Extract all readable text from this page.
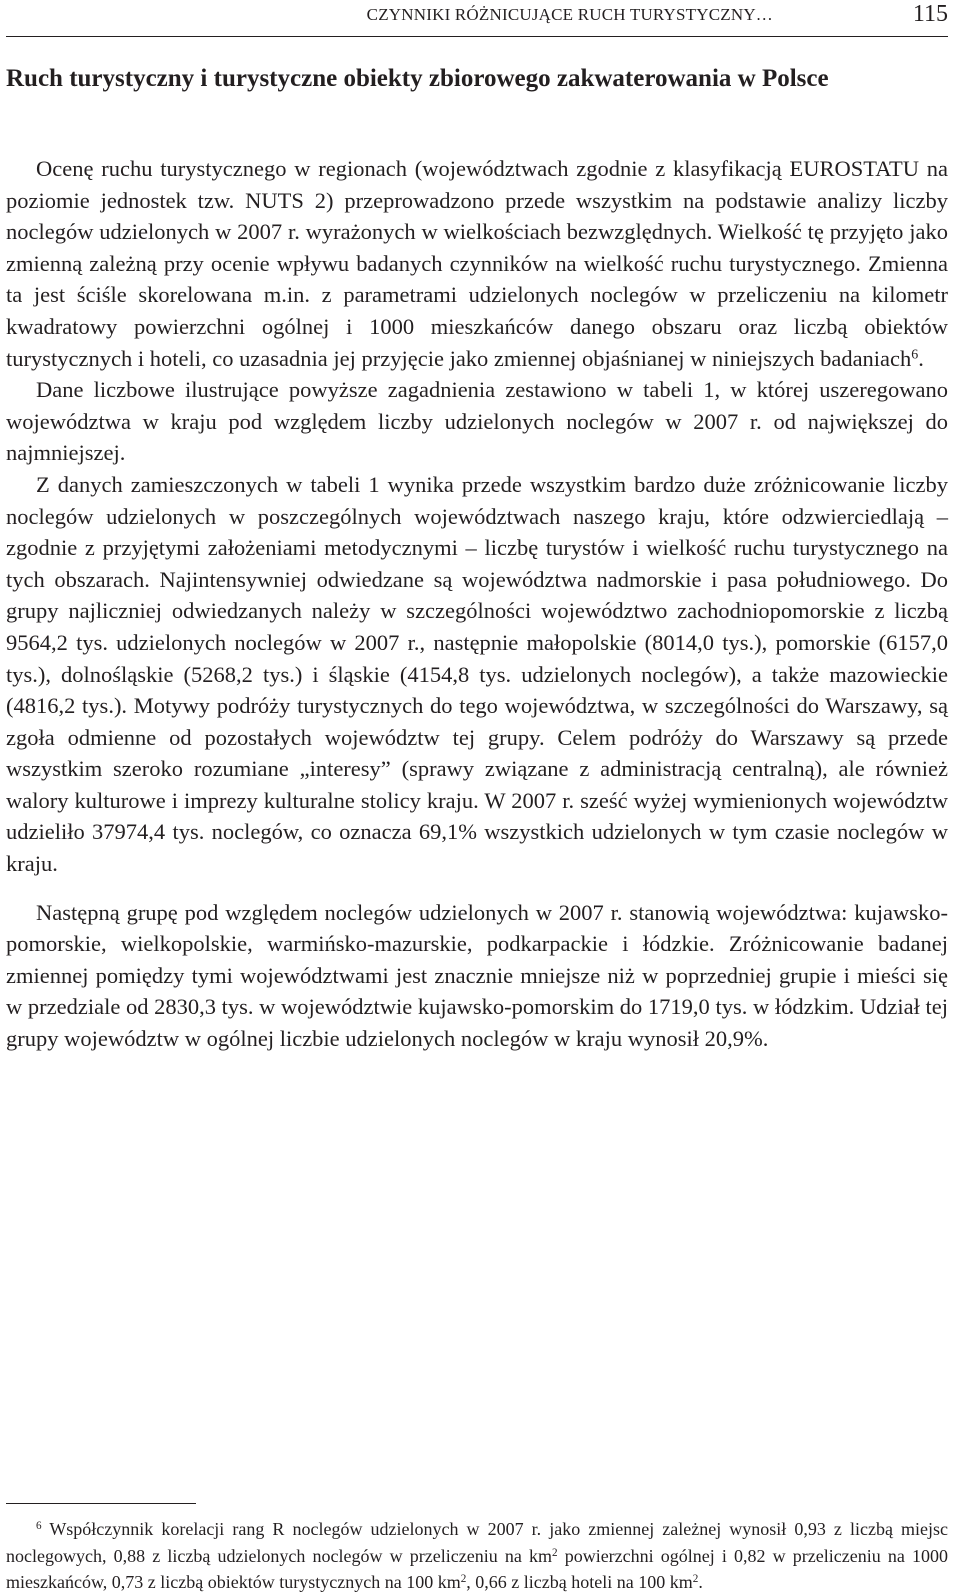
CZYNNIKI RÓŻNICUJĄCE RUCH TURYSTYCZNY…	115
Ruch turystyczny i turystyczne obiekty zbiorowego zakwaterowania w Polsce

Ocenę ruchu turystycznego w regionach (województwach zgodnie z klasyfikacją EUROSTATU na poziomie jednostek tzw. NUTS 2) przeprowadzono przede wszystkim na podstawie analizy liczby noclegów udzielonych w 2007 r. wyrażonych w wielkościach bezwzględnych. Wielkość tę przyjęto jako zmienną zależną przy ocenie wpływu badanych czynników na wielkość ruchu turystycznego. Zmienna ta jest ściśle skorelowana m.in. z parametrami udzielonych noclegów w przeliczeniu na kilometr kwadratowy powierzchni ogólnej i 1000 mieszkańców danego obszaru oraz liczbą obiektów turystycznych i hoteli, co uzasadnia jej przyjęcie jako zmiennej objaśnianej w niniejszych badaniach$^6$.

Dane liczbowe ilustrujące powyższe zagadnienia zestawiono w tabeli 1, w której uszeregowano województwa w kraju pod względem liczby udzielonych noclegów w 2007 r. od największej do najmniejszej.

Z danych zamieszczonych w tabeli 1 wynika przede wszystkim bardzo duże zróżnicowanie liczby noclegów udzielonych w poszczególnych województwach naszego kraju, które odzwierciedlają – zgodnie z przyjętymi założeniami metodycznymi – liczbę turystów i wielkość ruchu turystycznego na tych obszarach. Najintensywniej odwiedzane są województwa nadmorskie i pasa południowego. Do grupy najliczniej odwiedzanych należy w szczególności województwo zachodniopomorskie z liczbą 9564,2 tys. udzielonych noclegów w 2007 r., następnie małopolskie (8014,0 tys.), pomorskie (6157,0 tys.), dolnośląskie (5268,2 tys.) i śląskie (4154,8 tys. udzielonych noclegów), a także mazowieckie (4816,2 tys.). Motywy podróży turystycznych do tego województwa, w szczególności do Warszawy, są zgoła odmienne od pozostałych województw tej grupy. Celem podróży do Warszawy są przede wszystkim szeroko rozumiane „interesy” (sprawy związane z administracją centralną), ale również walory kulturowe i imprezy kulturalne stolicy kraju. W 2007 r. sześć wyżej wymienionych województw udzieliło 37974,4 tys. noclegów, co oznacza 69,1% wszystkich udzielonych w tym czasie noclegów w kraju.

Następną grupę pod względem noclegów udzielonych w 2007 r. stanowią województwa: kujawsko-pomorskie, wielkopolskie, warmińsko-mazurskie, podkarpackie i łódzkie. Zróżnicowanie badanej zmiennej pomiędzy tymi województwami jest znacznie mniejsze niż w poprzedniej grupie i mieści się w przedziale od 2830,3 tys. w województwie kujawsko-pomorskim do 1719,0 tys. w łódzkim. Udział tej grupy województw w ogólnej liczbie udzielonych noclegów w kraju wynosił 20,9%.

$^6$ Współczynnik korelacji rang R noclegów udzielonych w 2007 r. jako zmiennej zależnej wynosił 0,93 z liczbą miejsc noclegowych, 0,88 z liczbą udzielonych noclegów w przeliczeniu na $km^2$ powierzchni ogólnej i 0,82 w przeliczeniu na 1000 mieszkańców, 0,73 z liczbą obiektów turystycznych na 100 $km^2$, 0,66 z liczbą hoteli na 100 $km^2$.
